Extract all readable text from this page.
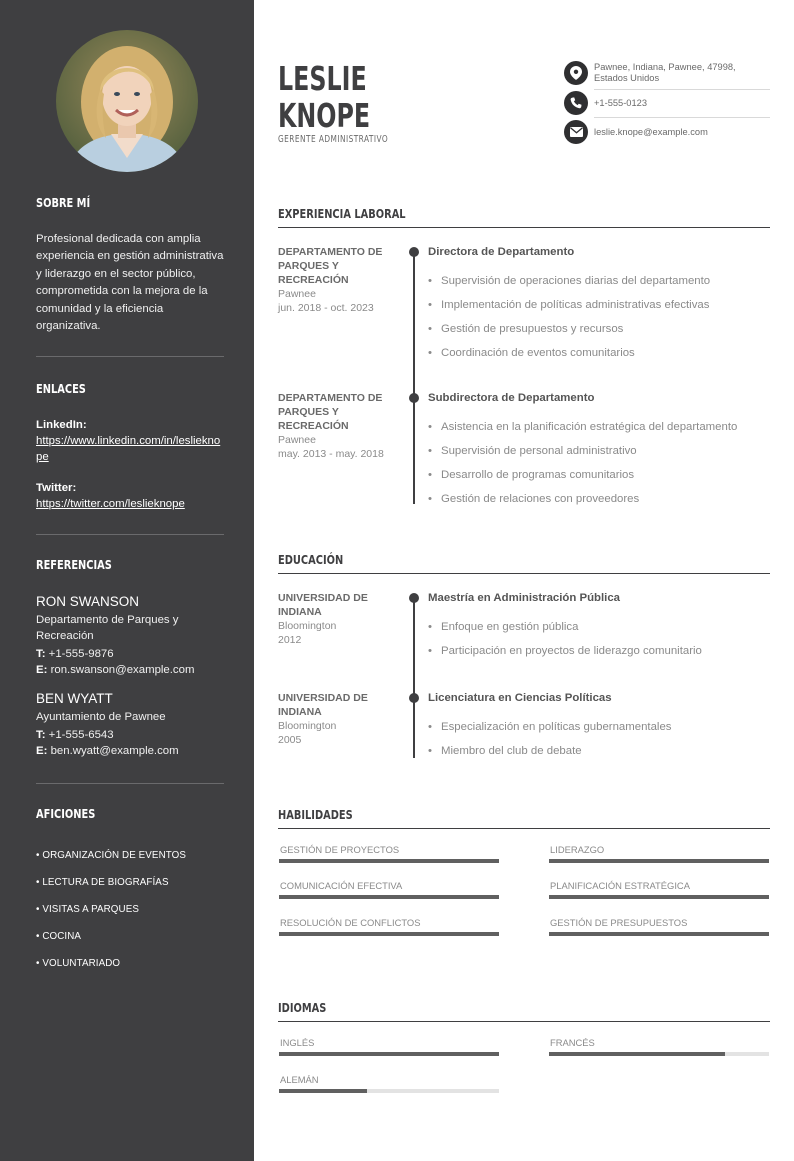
SOBRE MÍ
Profesional dedicada con amplia experiencia en gestión administrativa y liderazgo en el sector público, comprometida con la mejora de la comunidad y la eficiencia organizativa.
ENLACES
LinkedIn:
https://www.linkedin.com/in/leslieknope
Twitter:
https://twitter.com/leslieknope
REFERENCIAS
RON SWANSON
Departamento de Parques y Recreación
T: +1-555-9876
E: ron.swanson@example.com
BEN WYATT
Ayuntamiento de Pawnee
T: +1-555-6543
E: ben.wyatt@example.com
AFICIONES
• ORGANIZACIÓN DE EVENTOS
• LECTURA DE BIOGRAFÍAS
• VISITAS A PARQUES
• COCINA
• VOLUNTARIADO
LESLIE
KNOPE
GERENTE ADMINISTRATIVO
Pawnee, Indiana, Pawnee, 47998, Estados Unidos
+1-555-0123
leslie.knope@example.com
EXPERIENCIA LABORAL
DEPARTAMENTO DE PARQUES Y RECREACIÓN
Pawnee
jun. 2018 - oct. 2023
Directora de Departamento
• Supervisión de operaciones diarias del departamento
• Implementación de políticas administrativas efectivas
• Gestión de presupuestos y recursos
• Coordinación de eventos comunitarios
DEPARTAMENTO DE PARQUES Y RECREACIÓN
Pawnee
may. 2013 - may. 2018
Subdirectora de Departamento
• Asistencia en la planificación estratégica del departamento
• Supervisión de personal administrativo
• Desarrollo de programas comunitarios
• Gestión de relaciones con proveedores
EDUCACIÓN
UNIVERSIDAD DE INDIANA
Bloomington
2012
Maestría en Administración Pública
• Enfoque en gestión pública
• Participación en proyectos de liderazgo comunitario
UNIVERSIDAD DE INDIANA
Bloomington
2005
Licenciatura en Ciencias Políticas
• Especialización en políticas gubernamentales
• Miembro del club de debate
HABILIDADES
GESTIÓN DE PROYECTOS	LIDERAZGO
COMUNICACIÓN EFECTIVA	PLANIFICACIÓN ESTRATÉGICA
RESOLUCIÓN DE CONFLICTOS	GESTIÓN DE PRESUPUESTOS
IDIOMAS
INGLÉS	FRANCÉS
ALEMÁN
